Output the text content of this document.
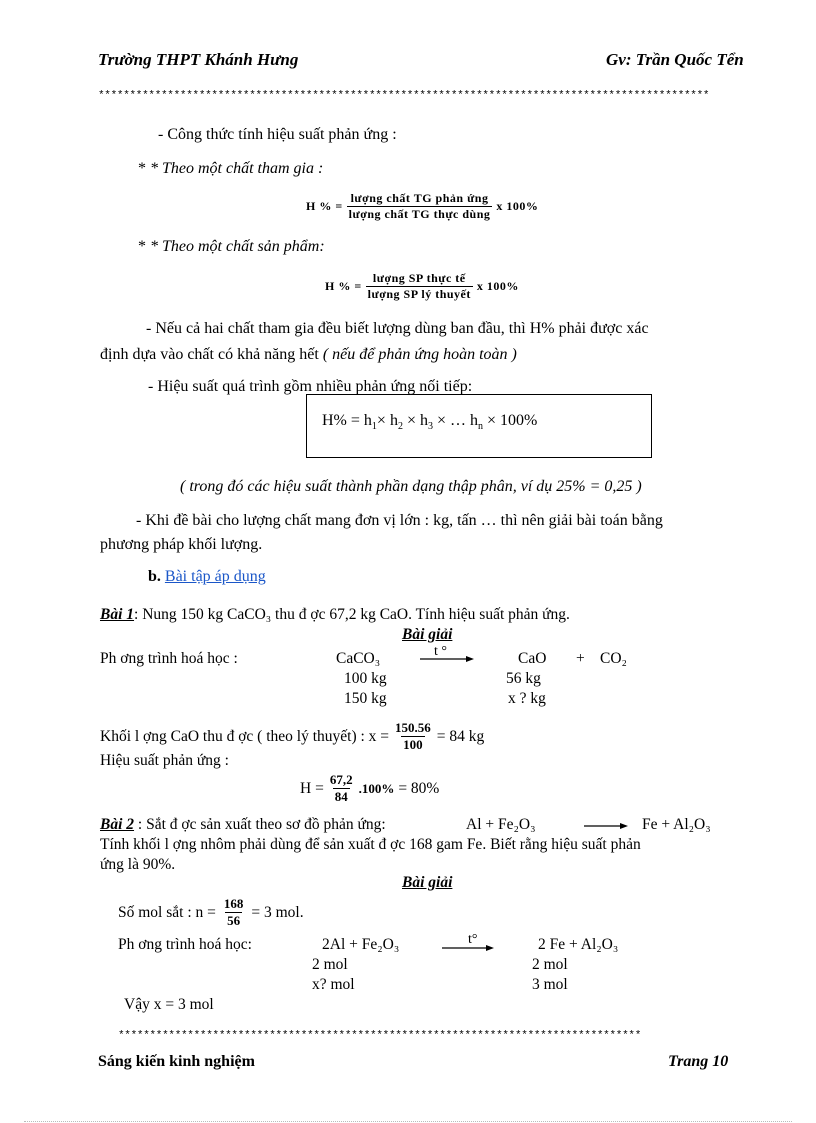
Trường THPT Khánh Hưng	Gv: Trần Quốc Tển
*************************************************************************************************
- Công thức tính hiệu suất phản ứng :
* * Theo một chất tham gia :
H % = $\frac{\text{lượng chất TG phản ứng}}{\text{lượng chất TG thực dùng}}$ x 100%
* * Theo một chất sản phẩm:
H % = $\frac{\text{lượng SP thực tế}}{\text{lượng SP lý thuyết}}$ x 100%
- Nếu cả hai chất tham gia đều biết lượng dùng ban đầu, thì H% phải được xác
định dựa vào chất có khả năng hết ( nếu để phản ứng hoàn toàn )
- Hiệu suất quá trình gồm nhiều phản ứng nối tiếp:
$H\% = h_1\times h_2 \times h_3$ × … $h_n \times 100\%$
( trong đó các hiệu suất thành phần dạng thập phân, ví dụ 25% = 0,25 )
- Khi đề bài cho lượng chất mang đơn vị lớn : kg, tấn … thì nên giải bài toán bằng
phương pháp khối lượng.
b. Bài tập áp dụng
Bài 1: Nung 150 kg CaCO₃ thu đ ợc 67,2 kg CaO. Tính hiệu suất phản ứng.
Bài giải
Ph ơng trình hoá học :	CaCO₃	t °	CaO + CO₂
100 kg	56 kg
150 kg	x ? kg
Khối l ợng CaO thu đ ợc ( theo lý thuyết) : $x = \frac{150.56}{100} = 84$ kg
Hiệu suất phản ứng :
$H = \frac{67,2}{84} .100\% = 80\%$
Bài 2 : Sắt đ ợc sản xuất theo sơ đồ phản ứng:	Al + Fe₂O₃	→ Fe + Al₂O₃
Tính khối l ợng nhôm phải dùng để sản xuất đ ợc 168 gam Fe. Biết rằng hiệu suất phản
ứng là 90%.
Bài giải
Số mol sắt : $n = \frac{168}{56} = 3$ mol.
Ph ơng trình hoá học:	2Al + Fe₂O₃	t°	2 Fe + Al₂O₃
2 mol	2 mol
x? mol	3 mol
Vậy x = 3 mol
***********************************************************************************
Sáng kiến kinh nghiệm	Trang 10
